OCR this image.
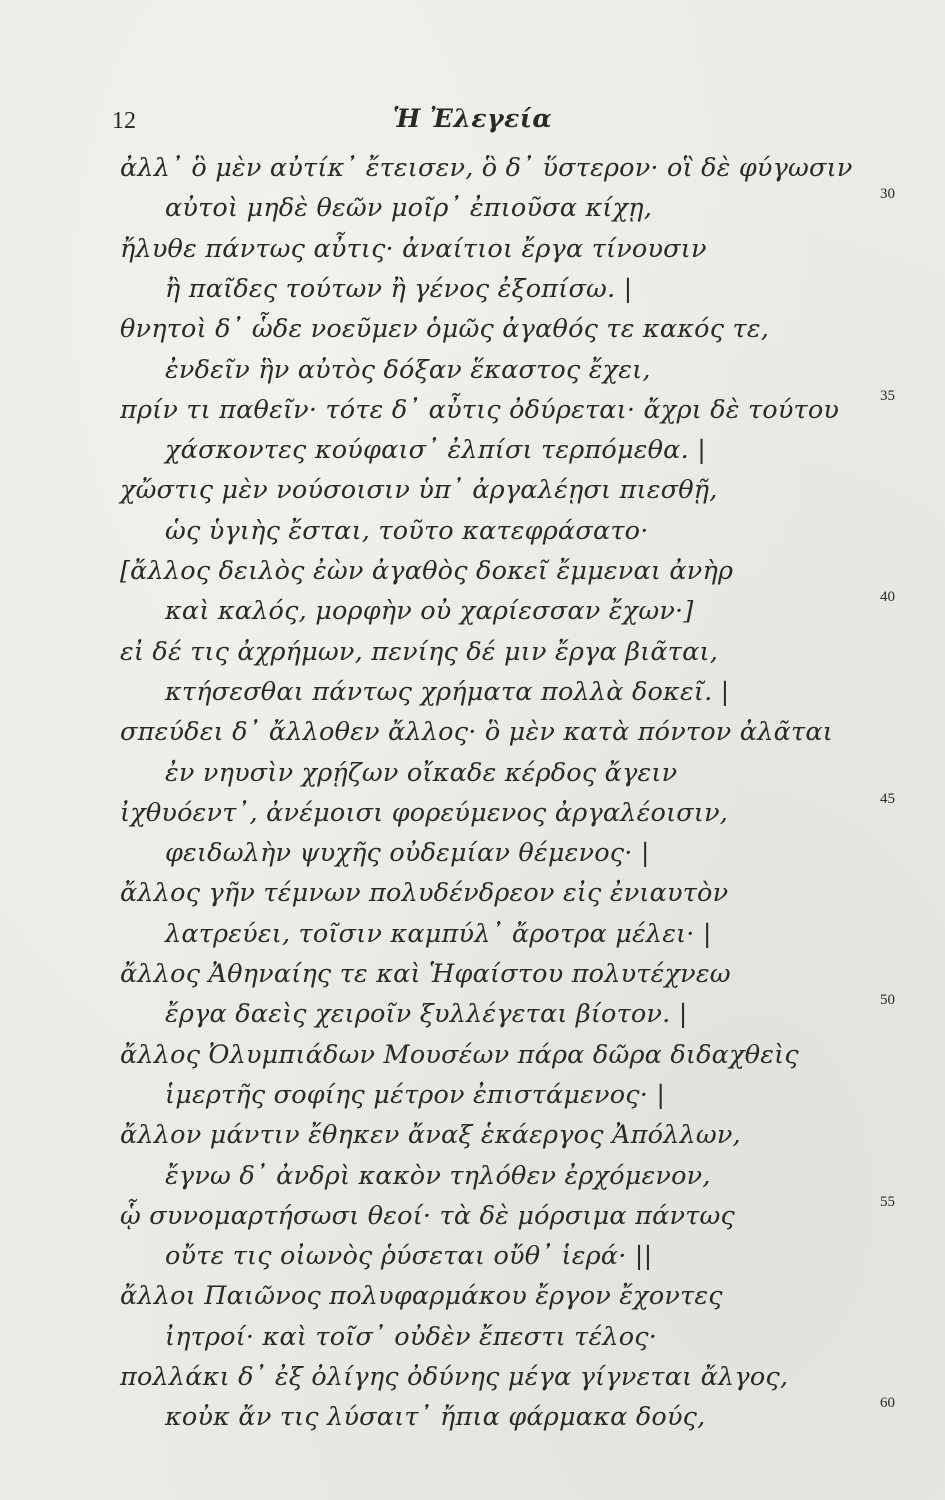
12	Ἡ Ἐλεγεία
ἀλλ᾽ ὃ μὲν αὐτίκ᾽ ἔτεισεν, ὃ δ᾽ ὕστερον· οἳ δὲ φύγωσιν
αὐτοὶ μηδὲ θεῶν μοῖρ᾽ ἐπιοῦσα κίχῃ,	30
ἤλυθε πάντως αὖτις· ἀναίτιοι ἔργα τίνουσιν
ἢ παῖδες τούτων ἢ γένος ἐξοπίσω. |
θνητοὶ δ᾽ ὧδε νοεῦμεν ὁμῶς ἀγαθός τε κακός τε,
ἐνδεῖν ἣν αὐτὸς δόξαν ἕκαστος ἔχει,
πρίν τι παθεῖν· τότε δ᾽ αὖτις ὀδύρεται· ἄχρι δὲ τούτου	35
χάσκοντες κούφαισ᾽ ἐλπίσι τερπόμεθα. |
χὤστις μὲν νούσοισιν ὑπ᾽ ἀργαλέῃσι πιεσθῇ,
ὡς ὑγιὴς ἔσται, τοῦτο κατεφράσατο·
[ἄλλος δειλὸς ἐὼν ἀγαθὸς δοκεῖ ἔμμεναι ἀνὴρ
καὶ καλός, μορφὴν οὐ χαρίεσσαν ἔχων·]	40
εἰ δέ τις ἀχρήμων, πενίης δέ μιν ἔργα βιᾶται,
κτήσεσθαι πάντως χρήματα πολλὰ δοκεῖ. |
σπεύδει δ᾽ ἄλλοθεν ἄλλος· ὃ μὲν κατὰ πόντον ἀλᾶται
ἐν νηυσὶν χρῄζων οἴκαδε κέρδος ἄγειν
ἰχθυόεντ᾽, ἀνέμοισι φορεύμενος ἀργαλέοισιν,	45
φειδωλὴν ψυχῆς οὐδεμίαν θέμενος· |
ἄλλος γῆν τέμνων πολυδένδρεον εἰς ἐνιαυτὸν
λατρεύει, τοῖσιν καμπύλ᾽ ἄροτρα μέλει· |
ἄλλος Ἀθηναίης τε καὶ Ἡφαίστου πολυτέχνεω
ἔργα δαεὶς χειροῖν ξυλλέγεται βίοτον. |	50
ἄλλος Ὀλυμπιάδων Μουσέων πάρα δῶρα διδαχθεὶς
ἱμερτῆς σοφίης μέτρον ἐπιστάμενος· |
ἄλλον μάντιν ἔθηκεν ἄναξ ἑκάεργος Ἀπόλλων,
ἔγνω δ᾽ ἀνδρὶ κακὸν τηλόθεν ἐρχόμενον,
ᾧ συνομαρτήσωσι θεοί· τὰ δὲ μόρσιμα πάντως	55
οὔτε τις οἰωνὸς ῥύσεται οὔθ᾽ ἱερά· ||
ἄλλοι Παιῶνος πολυφαρμάκου ἔργον ἔχοντες
ἰητροί· καὶ τοῖσ᾽ οὐδὲν ἔπεστι τέλος·
πολλάκι δ᾽ ἐξ ὀλίγης ὀδύνης μέγα γίγνεται ἄλγος,
κοὐκ ἄν τις λύσαιτ᾽ ἤπια φάρμακα δούς,	60
